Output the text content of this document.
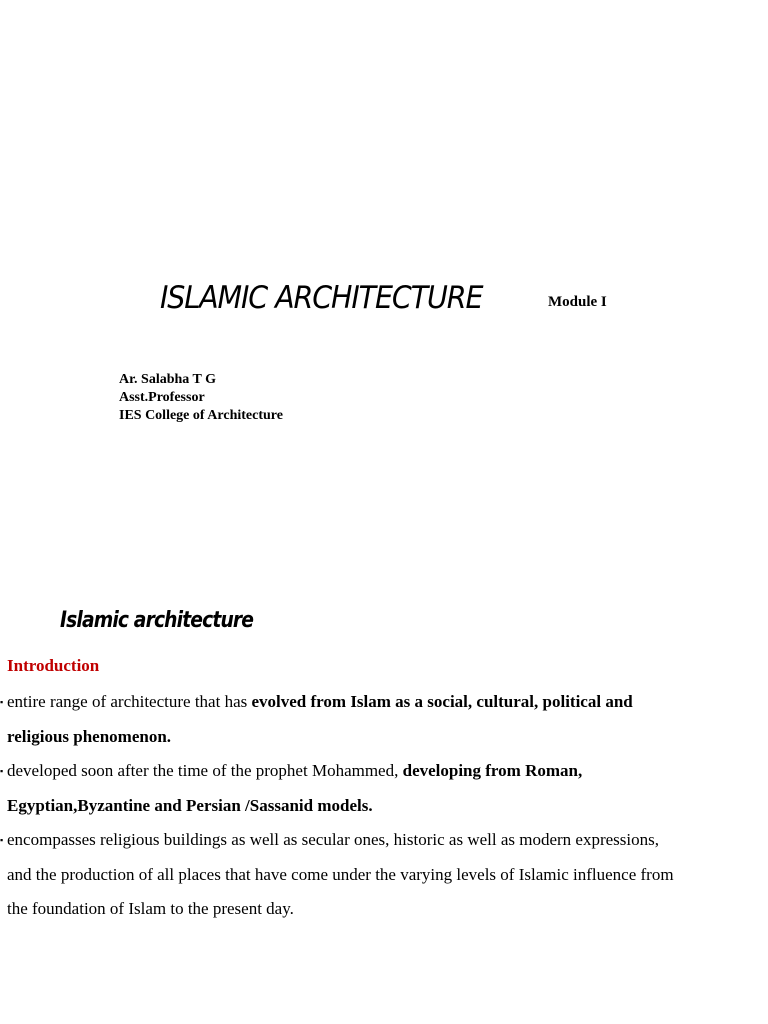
ISLAMIC ARCHITECTURE	Module I
Ar. Salabha T G
Asst.Professor
IES College of Architecture
Islamic architecture
Introduction
▪ entire range of architecture that has evolved from Islam as a social, cultural, political and
religious phenomenon.
▪ developed soon after the time of the prophet Mohammed, developing from Roman,
Egyptian,Byzantine and Persian /Sassanid models.
▪ encompasses religious buildings as well as secular ones, historic as well as modern expressions,
and the production of all places that have come under the varying levels of Islamic influence from
the foundation of Islam to the present day.
